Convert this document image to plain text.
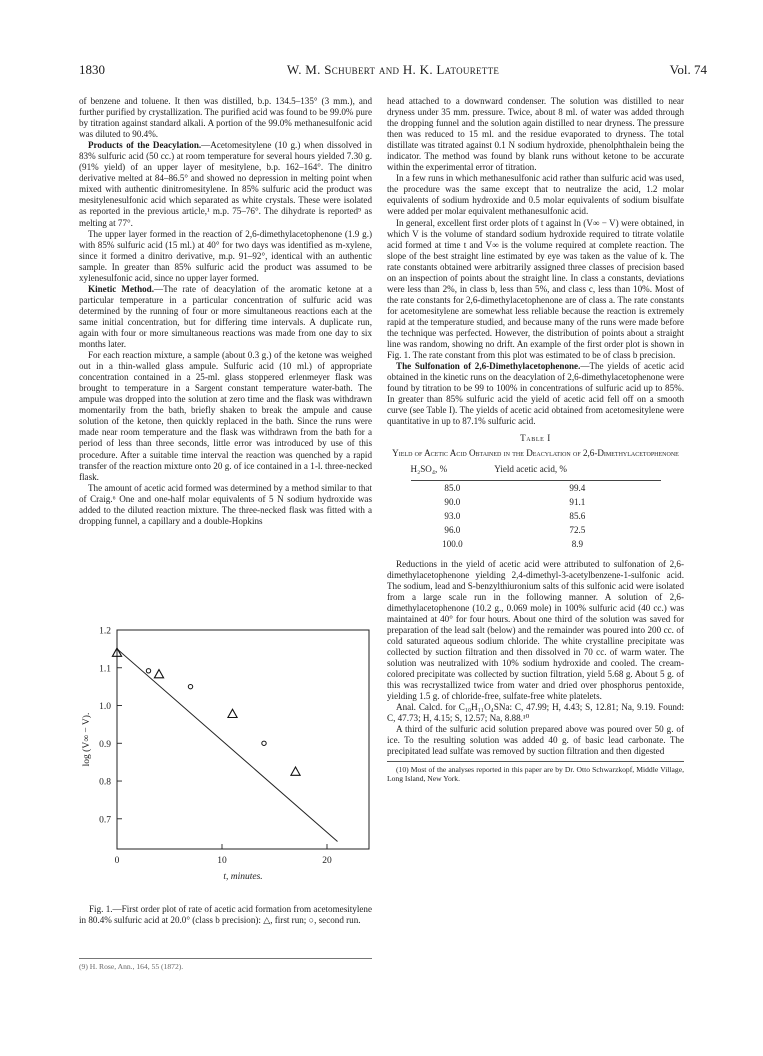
1830	W. M. Schubert and H. K. Latourette	Vol. 74

of benzene and toluene. It then was distilled, b.p. 134.5–135° (3 mm.), and further purified by crystallization. The purified acid was found to be 99.0% pure by titration against standard alkali. A portion of the 99.0% methanesulfonic acid was diluted to 90.4%.

Products of the Deacylation.—Acetomesitylene (10 g.) when dissolved in 83% sulfuric acid (50 cc.) at room temperature for several hours yielded 7.30 g. (91% yield) of an upper layer of mesitylene, b.p. 162–164°. The dinitro derivative melted at 84–86.5° and showed no depression in melting point when mixed with authentic dinitromesitylene. In 85% sulfuric acid the product was mesitylenesulfonic acid which separated as white crystals. These were isolated as reported in the previous article,¹ m.p. 75–76°. The dihydrate is reported⁹ as melting at 77°.

The upper layer formed in the reaction of 2,6-dimethylacetophenone (1.9 g.) with 85% sulfuric acid (15 ml.) at 40° for two days was identified as m-xylene, since it formed a dinitro derivative, m.p. 91–92°, identical with an authentic sample. In greater than 85% sulfuric acid the product was assumed to be xylenesulfonic acid, since no upper layer formed.

Kinetic Method.—The rate of deacylation of the aromatic ketone at a particular temperature in a particular concentration of sulfuric acid was determined by the running of four or more simultaneous reactions each at the same initial concentration, but for differing time intervals. A duplicate run, again with four or more simultaneous reactions was made from one day to six months later.

For each reaction mixture, a sample (about 0.3 g.) of the ketone was weighed out in a thin-walled glass ampule. Sulfuric acid (10 ml.) of appropriate concentration contained in a 25-ml. glass stoppered erlenmeyer flask was brought to temperature in a Sargent constant temperature water-bath. The ampule was dropped into the solution at zero time and the flask was withdrawn momentarily from the bath, briefly shaken to break the ampule and cause solution of the ketone, then quickly replaced in the bath. Since the runs were made near room temperature and the flask was withdrawn from the bath for a period of less than three seconds, little error was introduced by use of this procedure. After a suitable time interval the reaction was quenched by a rapid transfer of the reaction mixture onto 20 g. of ice contained in a 1-l. three-necked flask.

The amount of acetic acid formed was determined by a method similar to that of Craig.⁶ One and one-half molar equivalents of 5 N sodium hydroxide was added to the diluted reaction mixture. The three-necked flask was fitted with a dropping funnel, a capillary and a double-Hopkins

0.7
0.8
0.9
1.0
1.1
1.2
0	10	20
t, minutes.
log (V∞ − V).

Fig. 1.—First order plot of rate of acetic acid formation from acetomesitylene in 80.4% sulfuric acid at 20.0° (class b precision): △, first run; ○, second run.

(9) H. Rose, Ann., 164, 55 (1872).

head attached to a downward condenser. The solution was distilled to near dryness under 35 mm. pressure. Twice, about 8 ml. of water was added through the dropping funnel and the solution again distilled to near dryness. The pressure then was reduced to 15 ml. and the residue evaporated to dryness. The total distillate was titrated against 0.1 N sodium hydroxide, phenolphthalein being the indicator. The method was found by blank runs without ketone to be accurate within the experimental error of titration.

In a few runs in which methanesulfonic acid rather than sulfuric acid was used, the procedure was the same except that to neutralize the acid, 1.2 molar equivalents of sodium hydroxide and 0.5 molar equivalents of sodium bisulfate were added per molar equivalent methanesulfonic acid.

In general, excellent first order plots of t against ln (V∞ − V) were obtained, in which V is the volume of standard sodium hydroxide required to titrate volatile acid formed at time t and V∞ is the volume required at complete reaction. The slope of the best straight line estimated by eye was taken as the value of k. The rate constants obtained were arbitrarily assigned three classes of precision based on an inspection of points about the straight line. In class a constants, deviations were less than 2%, in class b, less than 5%, and class c, less than 10%. Most of the rate constants for 2,6-dimethylacetophenone are of class a. The rate constants for acetomesitylene are somewhat less reliable because the reaction is extremely rapid at the temperature studied, and because many of the runs were made before the technique was perfected. However, the distribution of points about a straight line was random, showing no drift. An example of the first order plot is shown in Fig. 1. The rate constant from this plot was estimated to be of class b precision.

The Sulfonation of 2,6-Dimethylacetophenone.—The yields of acetic acid obtained in the kinetic runs on the deacylation of 2,6-dimethylacetophenone were found by titration to be 99 to 100% in concentrations of sulfuric acid up to 85%. In greater than 85% sulfuric acid the yield of acetic acid fell off on a smooth curve (see Table I). The yields of acetic acid obtained from acetomesitylene were quantitative in up to 87.1% sulfuric acid.

Table I
Yield of Acetic Acid Obtained in the Deacylation of 2,6-Dimethylacetophenone
H₂SO₄, %	Yield acetic acid, %
85.0	99.4
90.0	91.1
93.0	85.6
96.0	72.5
100.0	8.9

Reductions in the yield of acetic acid were attributed to sulfonation of 2,6-dimethylacetophenone yielding 2,4-dimethyl-3-acetylbenzene-1-sulfonic acid. The sodium, lead and S-benzylthiuronium salts of this sulfonic acid were isolated from a large scale run in the following manner. A solution of 2,6-dimethylacetophenone (10.2 g., 0.069 mole) in 100% sulfuric acid (40 cc.) was maintained at 40° for four hours. About one third of the solution was saved for preparation of the lead salt (below) and the remainder was poured into 200 cc. of cold saturated aqueous sodium chloride. The white crystalline precipitate was collected by suction filtration and then dissolved in 70 cc. of warm water. The solution was neutralized with 10% sodium hydroxide and cooled. The cream-colored precipitate was collected by suction filtration, yield 5.68 g. About 5 g. of this was recrystallized twice from water and dried over phosphorus pentoxide, yielding 1.5 g. of chloride-free, sulfate-free white platelets.

Anal. Calcd. for C₁₀H₁₁O₄SNa: C, 47.99; H, 4.43; S, 12.81; Na, 9.19. Found: C, 47.73; H, 4.15; S, 12.57; Na, 8.88.¹⁰

A third of the sulfuric acid solution prepared above was poured over 50 g. of ice. To the resulting solution was added 40 g. of basic lead carbonate. The precipitated lead sulfate was removed by suction filtration and then digested

(10) Most of the analyses reported in this paper are by Dr. Otto Schwarzkopf, Middle Village, Long Island, New York.
